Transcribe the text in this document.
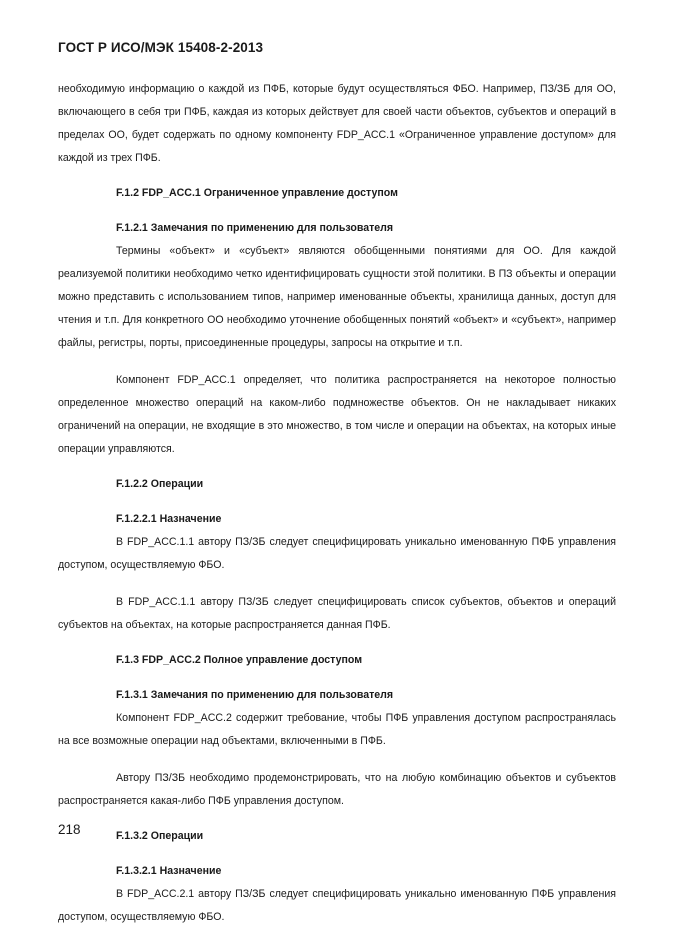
ГОСТ Р ИСО/МЭК 15408-2-2013

необходимую информацию о каждой из ПФБ, которые будут осуществляться ФБО. Например, ПЗ/ЗБ для ОО, включающего в себя три ПФБ, каждая из которых действует для своей части объектов, субъектов и операций в пределах ОО, будет содержать по одному компоненту FDP_ACC.1 «Ограниченное управление доступом» для каждой из трех ПФБ.

F.1.2 FDP_ACC.1 Ограниченное управление доступом
F.1.2.1 Замечания по применению для пользователя

Термины «объект» и «субъект» являются обобщенными понятиями для ОО. Для каждой реализуемой политики необходимо четко идентифицировать сущности этой политики. В ПЗ объекты и операции можно представить с использованием типов, например именованные объекты, хранилища данных, доступ для чтения и т.п. Для конкретного ОО необходимо уточнение обобщенных понятий «объект» и «субъект», например файлы, регистры, порты, присоединенные процедуры, запросы на открытие и т.п.

Компонент FDP_ACC.1 определяет, что политика распространяется на некоторое полностью определенное множество операций на каком-либо подмножестве объектов. Он не накладывает никаких ограничений на операции, не входящие в это множество, в том числе и операции на объектах, на которых иные операции управляются.

F.1.2.2 Операции
F.1.2.2.1 Назначение

В FDP_ACC.1.1 автору ПЗ/ЗБ следует специфицировать уникально именованную ПФБ управления доступом, осуществляемую ФБО.

В FDP_ACC.1.1 автору ПЗ/ЗБ следует специфицировать список субъектов, объектов и операций субъектов на объектах, на которые распространяется данная ПФБ.

F.1.3 FDP_ACC.2 Полное управление доступом
F.1.3.1 Замечания по применению для пользователя

Компонент FDP_ACC.2 содержит требование, чтобы ПФБ управления доступом распространялась на все возможные операции над объектами, включенными в ПФБ.

Автору ПЗ/ЗБ необходимо продемонстрировать, что на любую комбинацию объектов и субъектов распространяется какая-либо ПФБ управления доступом.

F.1.3.2 Операции
F.1.3.2.1 Назначение

В FDP_ACC.2.1 автору ПЗ/ЗБ следует специфицировать уникально именованную ПФБ управления доступом, осуществляемую ФБО.

218
